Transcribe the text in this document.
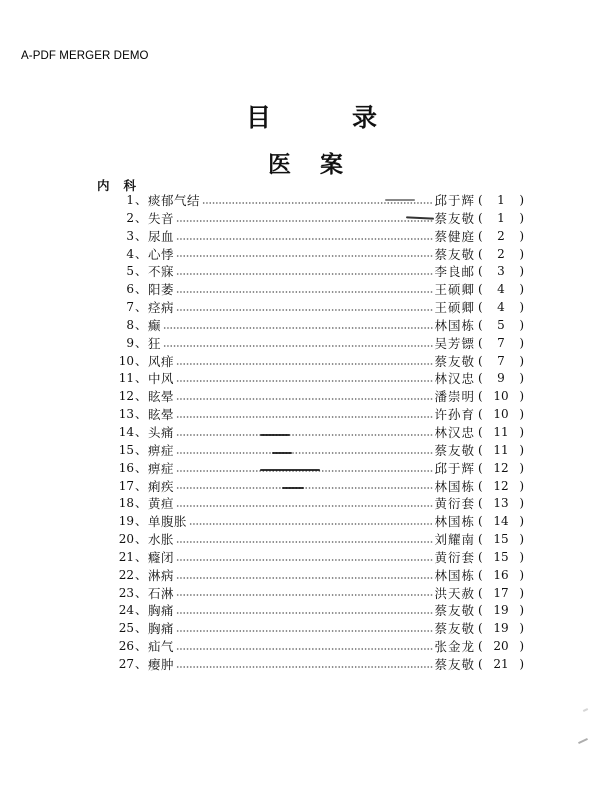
A-PDF MERGER DEMO
目	录
医 案
内 科
1 、 痰郁气结	邱于辉 (	1	)
2 、 失音	蔡友敬 (	1	)
3 、 尿血	蔡健庭 (	2	)
4 、 心悸	蔡友敬 (	2	)
5 、 不寐	李良邮 (	3	)
6 、 阳萎	王硕卿 (	4	)
7 、 痉病	王硕卿 (	4	)
8 、 癫	林国栋 (	5	)
9 、 狂	吴芳镖 (	7	)
10 、 风痱	蔡友敬 (	7	)
11 、 中风	林汉忠 (	9	)
12 、 眩晕	潘崇明 ( 10 )
13 、 眩晕	许孙育 ( 10 )
14 、 头痛	林汉忠 ( 11 )
15 、 痹症	蔡友敬 ( 11 )
16 、 痹症	邱于辉 ( 12 )
17 、 痢疾	林国栋 ( 12 )
18 、 黄疸	黄衍套 ( 13 )
19 、 单腹胀	林国栋 ( 14 )
20 、 水胀	刘耀南 ( 15 )
21 、 癃闭	黄衍套 ( 15 )
22 、 淋病	林国栋 ( 16 )
23 、 石淋	洪天赦 ( 17 )
24 、 胸痛	蔡友敬 ( 19 )
25 、 胸痛	蔡友敬 ( 19 )
26 、 疝气	张金龙 ( 20 )
27 、 瘿肿	蔡友敬 ( 21 )
